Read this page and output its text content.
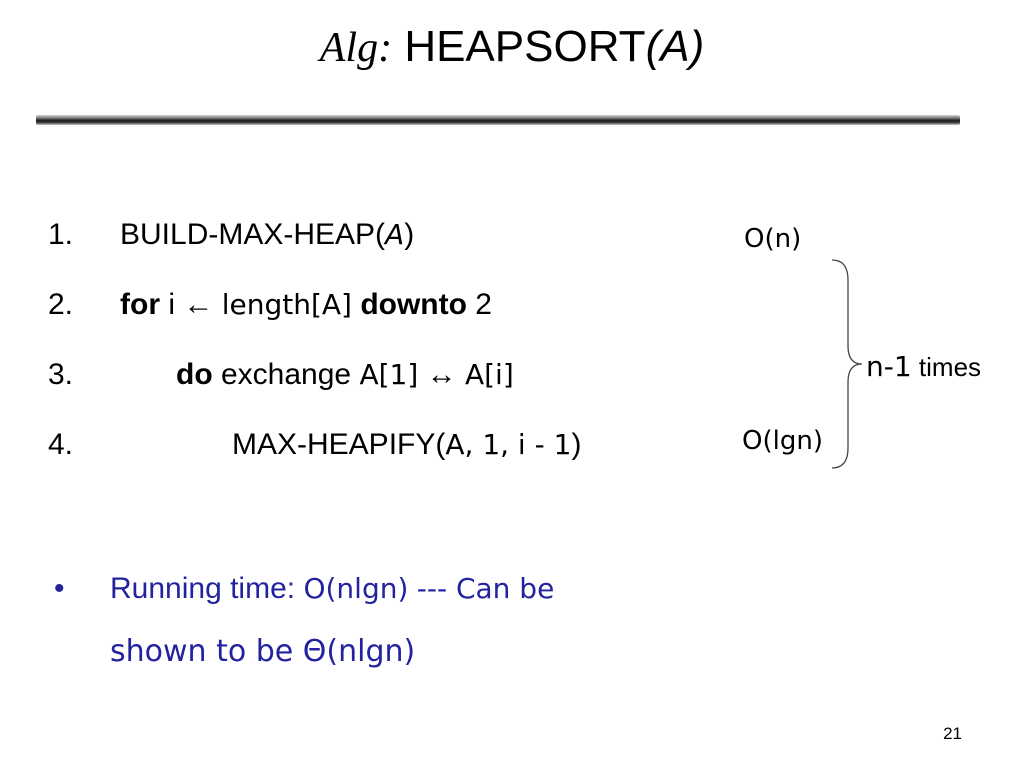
Alg: HEAPSORT(A)
1. BUILD-MAX-HEAP(A)
2. for i ← length[A] downto 2
3.	do exchange A[1] ↔ A[i]
4.	MAX-HEAPIFY(A, 1, i - 1)
• Running time: O(nlgn) --- Can be
shown to be Θ(nlgn)
O(n)
O(lgn)
n-1 times
21
